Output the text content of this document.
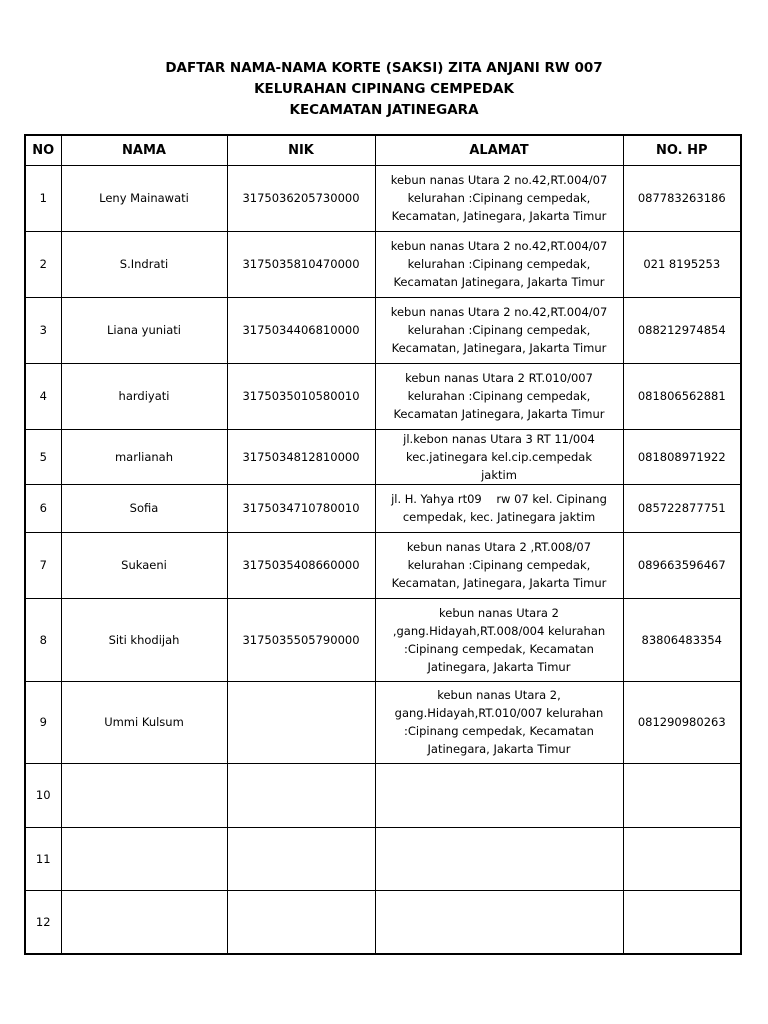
DAFTAR NAMA-NAMA KORTE (SAKSI) ZITA ANJANI RW 007
KELURAHAN CIPINANG CEMPEDAK
KECAMATAN JATINEGARA
NO	NAMA	NIK	ALAMAT	NO. HP
1	Leny Mainawati	3175036205730000	kebun nanas Utara 2 no.42,RT.004/07
kelurahan :Cipinang cempedak,
Kecamatan, Jatinegara, Jakarta Timur	087783263186
2	S.Indrati	3175035810470000	kebun nanas Utara 2 no.42,RT.004/07
kelurahan :Cipinang cempedak,
Kecamatan Jatinegara, Jakarta Timur	021 8195253
3	Liana yuniati	3175034406810000	kebun nanas Utara 2 no.42,RT.004/07
kelurahan :Cipinang cempedak,
Kecamatan, Jatinegara, Jakarta Timur	088212974854
4	hardiyati	3175035010580010	kebun nanas Utara 2 RT.010/007
kelurahan :Cipinang cempedak,
Kecamatan Jatinegara, Jakarta Timur	081806562881
5	marlianah	3175034812810000	jl.kebon nanas Utara 3 RT 11/004
kec.jatinegara kel.cip.cempedak
jaktim	081808971922
6	Sofia	3175034710780010	jl. H. Yahya rt09    rw 07 kel. Cipinang
cempedak, kec. Jatinegara jaktim	085722877751
7	Sukaeni	3175035408660000	kebun nanas Utara 2 ,RT.008/07
kelurahan :Cipinang cempedak,
Kecamatan, Jatinegara, Jakarta Timur	089663596467
8	Siti khodijah	3175035505790000	kebun nanas Utara 2
,gang.Hidayah,RT.008/004 kelurahan
:Cipinang cempedak, Kecamatan
Jatinegara, Jakarta Timur	83806483354
9	Ummi Kulsum		kebun nanas Utara 2,
gang.Hidayah,RT.010/007 kelurahan
:Cipinang cempedak, Kecamatan
Jatinegara, Jakarta Timur	081290980263
10				
11				
12				
